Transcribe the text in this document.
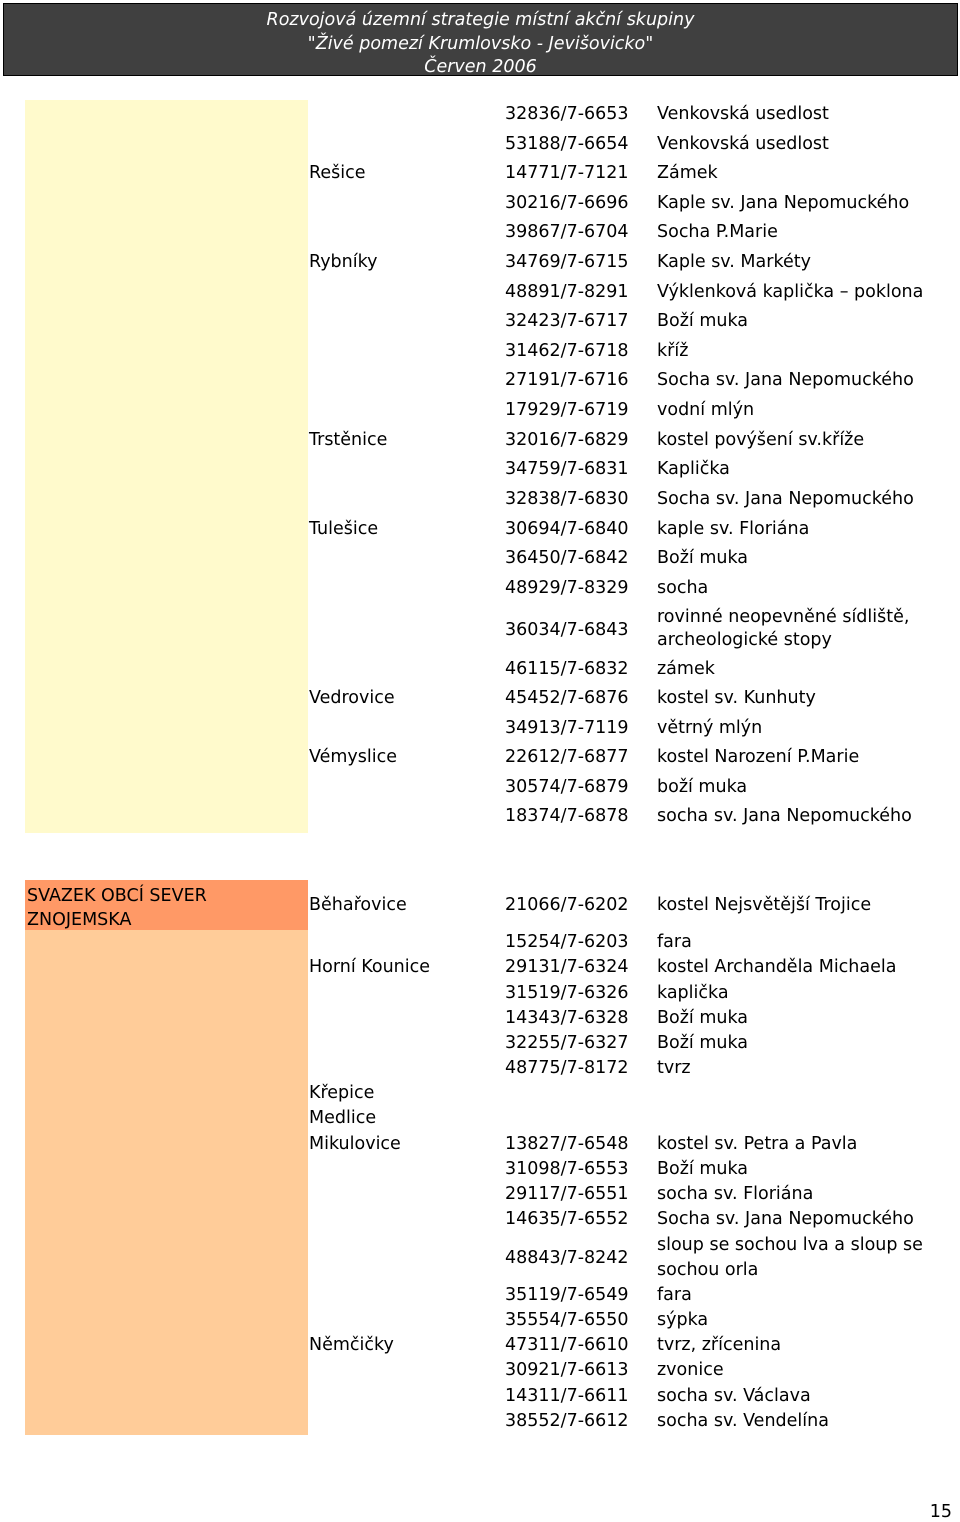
Rozvojová územní strategie místní akční skupiny
"Živé pomezí Krumlovsko - Jevišovicko"
Červen 2006
32836/7-6653 Venkovská usedlost
53188/7-6654 Venkovská usedlost
Rešice	14771/7-7121 Zámek
30216/7-6696 Kaple sv. Jana Nepomuckého
39867/7-6704 Socha P.Marie
Rybníky	34769/7-6715 Kaple sv. Markéty
48891/7-8291 Výklenková kaplička – poklona
32423/7-6717 Boží muka
31462/7-6718 kříž
27191/7-6716 Socha sv. Jana Nepomuckého
17929/7-6719 vodní mlýn
Trstěnice	32016/7-6829 kostel povýšení sv.kříže
34759/7-6831 Kaplička
32838/7-6830 Socha sv. Jana Nepomuckého
Tulešice	30694/7-6840 kaple sv. Floriána
36450/7-6842 Boží muka
48929/7-8329 socha
36034/7-6843
rovinné neopevněné sídliště,
archeologické stopy
46115/7-6832 zámek
Vedrovice	45452/7-6876 kostel sv. Kunhuty
34913/7-7119 větrný mlýn
Vémyslice	22612/7-6877 kostel Narození P.Marie
30574/7-6879 boží muka
18374/7-6878 socha sv. Jana Nepomuckého
SVAZEK OBCÍ SEVER ZNOJEMSKA
Běhařovice	21066/7-6202 kostel Nejsvětější Trojice
15254/7-6203 fara
Horní Kounice	29131/7-6324 kostel Archanděla Michaela
31519/7-6326 kaplička
14343/7-6328 Boží muka
32255/7-6327 Boží muka
48775/7-8172 tvrz
Křepice
Medlice
Mikulovice	13827/7-6548 kostel sv. Petra a Pavla
31098/7-6553 Boží muka
29117/7-6551 socha sv. Floriána
14635/7-6552 Socha sv. Jana Nepomuckého
48843/7-8242
sloup se sochou lva a sloup se
sochou orla
35119/7-6549 fara
35554/7-6550 sýpka
Němčičky	47311/7-6610 tvrz, zřícenina
30921/7-6613 zvonice
14311/7-6611 socha sv. Václava
38552/7-6612 socha sv. Vendelína
15
